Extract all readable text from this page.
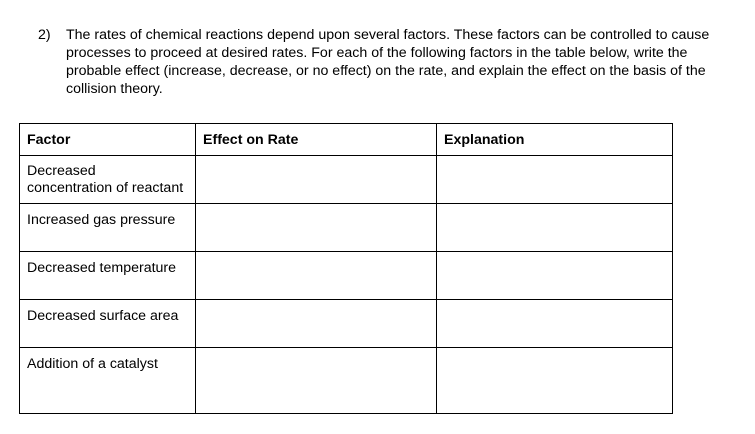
2)	The rates of chemical reactions depend upon several factors. These factors can be controlled to cause
processes to proceed at desired rates. For each of the following factors in the table below, write the
probable effect (increase, decrease, or no effect) on the rate, and explain the effect on the basis of the
collision theory.
Factor	Effect on Rate	Explanation

Decreased
concentration of reactant		

Increased gas pressure		

Decreased temperature		

Decreased surface area		

Addition of a catalyst		
